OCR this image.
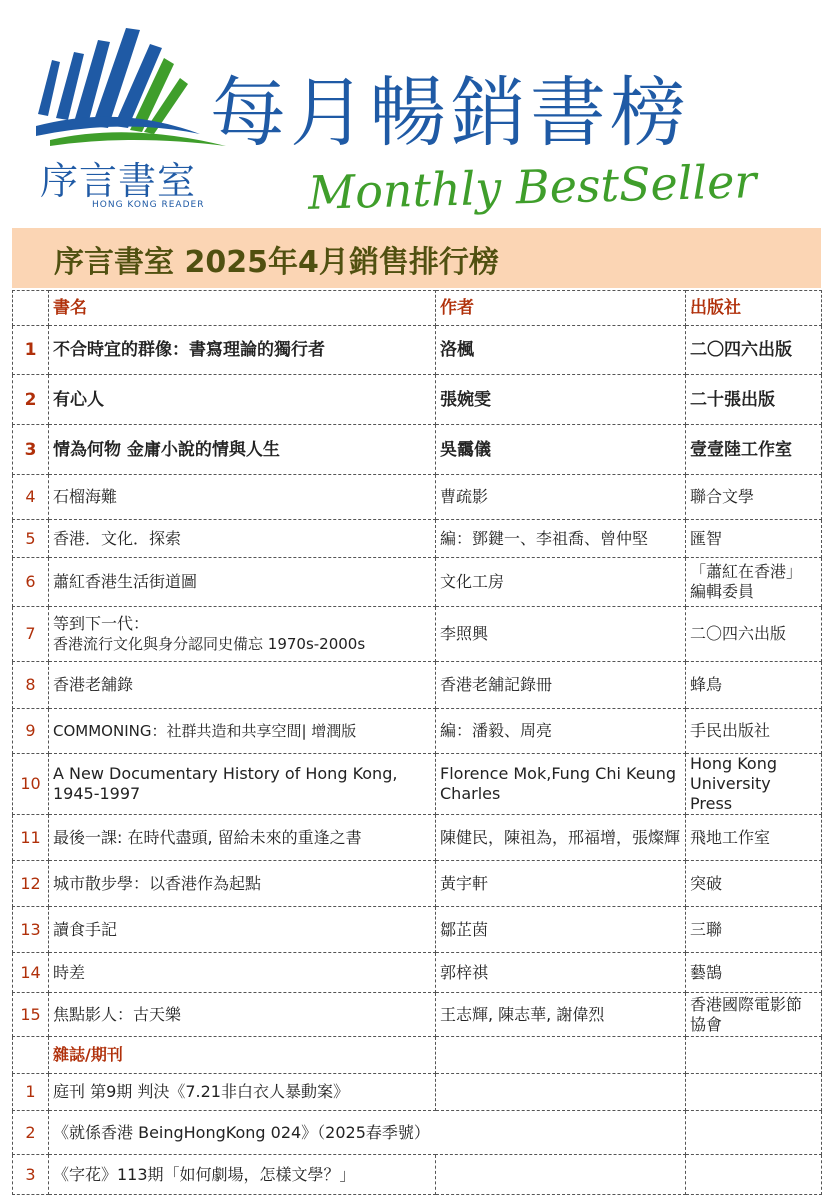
序言書室
HONG KONG READER
每月暢銷書榜
Monthly BestSeller
序言書室 2025年4月銷售排行榜
	書名	作者	出版社
1	不合時宜的群像：書寫理論的獨行者	洛楓	二〇四六出版
2	有心人	張婉雯	二十張出版
3	情為何物 金庸小說的情與人生	吳靄儀	壹壹陸工作室
4	石榴海難	曹疏影	聯合文學
5	香港．文化．探索	編：鄧鍵一、李祖喬、曾仲堅	匯智
6	蕭紅香港生活街道圖	文化工房	「蕭紅在香港」編輯委員
7	等到下一代：
香港流行文化與身分認同史備忘 1970s-2000s	李照興	二〇四六出版
8	香港老舖錄	香港老舖記錄冊	蜂鳥
9	COMMONING：社群共造和共享空間| 增潤版	編：潘毅、周亮	手民出版社
10	A New Documentary History of Hong Kong, 1945-1997	Florence Mok,Fung Chi Keung Charles	Hong Kong University Press
11	最後一課: 在時代盡頭, 留給未來的重逢之書	陳健民，陳祖為，邢福增，張燦輝	飛地工作室
12	城市散步學：以香港作為起點	黃宇軒	突破
13	讀食手記	鄒芷茵	三聯
14	時差	郭梓祺	藝鵠
15	焦點影人：古天樂	王志輝, 陳志華, 謝偉烈	香港國際電影節協會
	雜誌/期刊		
1	庭刊 第9期 判決《7.21非白衣人暴動案》		
2	《就係香港 BeingHongKong 024》（2025春季號）		
3	《字花》113期「如何劇場，怎樣文學？」		
